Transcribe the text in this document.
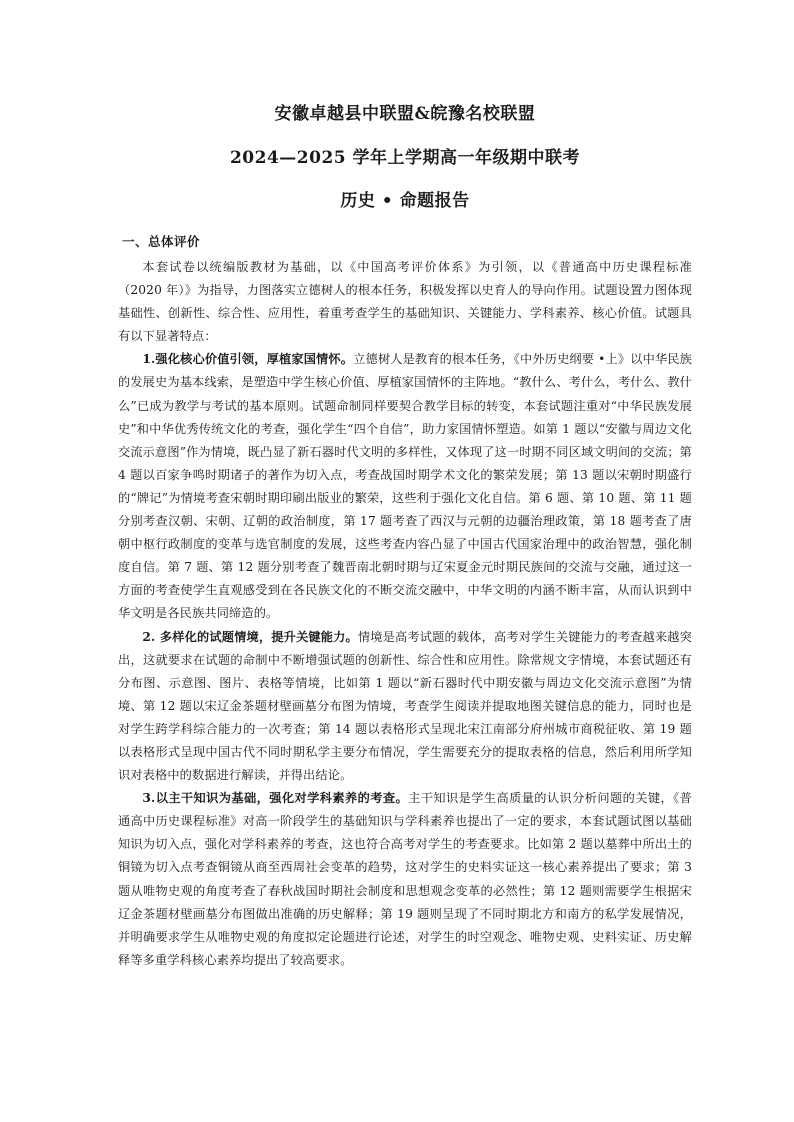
安徽卓越县中联盟&皖豫名校联盟
2024—2025 学年上学期高一年级期中联考
历史 • 命题报告
一、总体评价

本套试卷以统编版教材为基础，以《中国高考评价体系》为引领，以《普通高中历史课程标准（2020 年）》为指导，力图落实立德树人的根本任务，积极发挥以史育人的导向作用。试题设置力图体现基础性、创新性、综合性、应用性，着重考查学生的基础知识、关键能力、学科素养、核心价值。试题具有以下显著特点：

1.强化核心价值引领，厚植家国情怀。立德树人是教育的根本任务，《中外历史纲要 •上》以中华民族的发展史为基本线索，是塑造中学生核心价值、厚植家国情怀的主阵地。“教什么、考什么，考什么、教什么”已成为教学与考试的基本原则。试题命制同样要契合教学目标的转变，本套试题注重对“中华民族发展史”和中华优秀传统文化的考查，强化学生“四个自信”，助力家国情怀塑造。如第 1 题以“安徽与周边文化交流示意图”作为情境，既凸显了新石器时代文明的多样性，又体现了这一时期不同区域文明间的交流；第 4 题以百家争鸣时期诸子的著作为切入点，考查战国时期学术文化的繁荣发展；第 13 题以宋朝时期盛行的“牌记”为情境考查宋朝时期印刷出版业的繁荣，这些利于强化文化自信。第 6 题、第 10 题、第 11 题分别考查汉朝、宋朝、辽朝的政治制度，第 17 题考查了西汉与元朝的边疆治理政策，第 18 题考查了唐朝中枢行政制度的变革与选官制度的发展，这些考查内容凸显了中国古代国家治理中的政治智慧，强化制度自信。第 7 题、第 12 题分别考查了魏晋南北朝时期与辽宋夏金元时期民族间的交流与交融，通过这一方面的考查使学生直观感受到在各民族文化的不断交流交融中，中华文明的内涵不断丰富，从而认识到中华文明是各民族共同缔造的。

2. 多样化的试题情境，提升关键能力。情境是高考试题的载体，高考对学生关键能力的考查越来越突出，这就要求在试题的命制中不断增强试题的创新性、综合性和应用性。除常规文字情境，本套试题还有分布图、示意图、图片、表格等情境，比如第 1 题以“新石器时代中期安徽与周边文化交流示意图”为情境、第 12 题以宋辽金茶题材壁画墓分布图为情境，考查学生阅读并提取地图关键信息的能力，同时也是对学生跨学科综合能力的一次考查；第 14 题以表格形式呈现北宋江南部分府州城市商税征收、第 19 题以表格形式呈现中国古代不同时期私学主要分布情况，学生需要充分的提取表格的信息，然后利用所学知识对表格中的数据进行解读，并得出结论。

3.以主干知识为基础，强化对学科素养的考查。主干知识是学生高质量的认识分析问题的关键，《普通高中历史课程标准》对高一阶段学生的基础知识与学科素养也提出了一定的要求，本套试题试图以基础知识为切入点，强化对学科素养的考查，这也符合高考对学生的考查要求。比如第 2 题以墓葬中所出土的铜镜为切入点考查铜镜从商至西周社会变革的趋势，这对学生的史料实证这一核心素养提出了要求；第 3 题从唯物史观的角度考查了春秋战国时期社会制度和思想观念变革的必然性；第 12 题则需要学生根据宋辽金茶题材壁画墓分布图做出准确的历史解释；第 19 题则呈现了不同时期北方和南方的私学发展情况，并明确要求学生从唯物史观的角度拟定论题进行论述，对学生的时空观念、唯物史观、史料实证、历史解释等多重学科核心素养均提出了较高要求。
